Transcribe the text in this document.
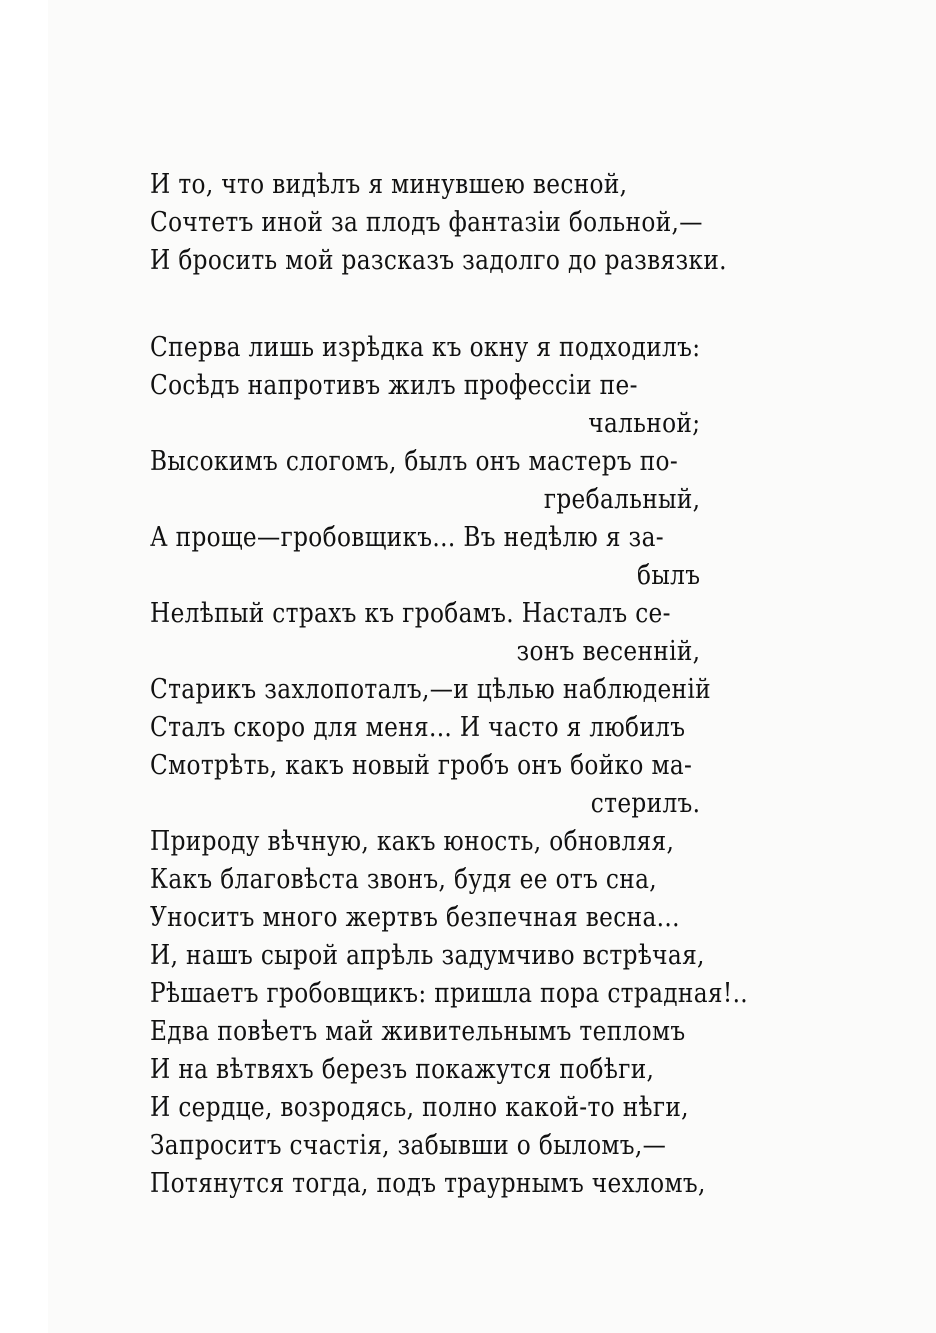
И то, что видѣлъ я минувшею весной,
Сочтетъ иной за плодъ фантазіи больной,—
И бросить мой разсказъ задолго до развязки.
Сперва лишь изрѣдка къ окну я подходилъ:
Сосѣдъ напротивъ жилъ профессіи пе-
чальной;
Высокимъ слогомъ, былъ онъ мастеръ по-
гребальный,
А проще—гробовщикъ... Въ недѣлю я за-
былъ
Нелѣпый страхъ къ гробамъ. Насталъ се-
зонъ весенній,
Старикъ захлопоталъ,—и цѣлью наблюденій
Сталъ скоро для меня... И часто я любилъ
Смотрѣть, какъ новый гробъ онъ бойко ма-
стерилъ.
Природу вѣчную, какъ юность, обновляя,
Какъ благовѣста звонъ, будя ее отъ сна,
Уноситъ много жертвъ безпечная весна...
И, нашъ сырой апрѣль задумчиво встрѣчая,
Рѣшаетъ гробовщикъ: пришла пора страдная!..
Едва повѣетъ май живительнымъ тепломъ
И на вѣтвяхъ березъ покажутся побѣги,
И сердце, возродясь, полно какой-то нѣги,
Запроситъ счастія, забывши о быломъ,—
Потянутся тогда, подъ траурнымъ чехломъ,
